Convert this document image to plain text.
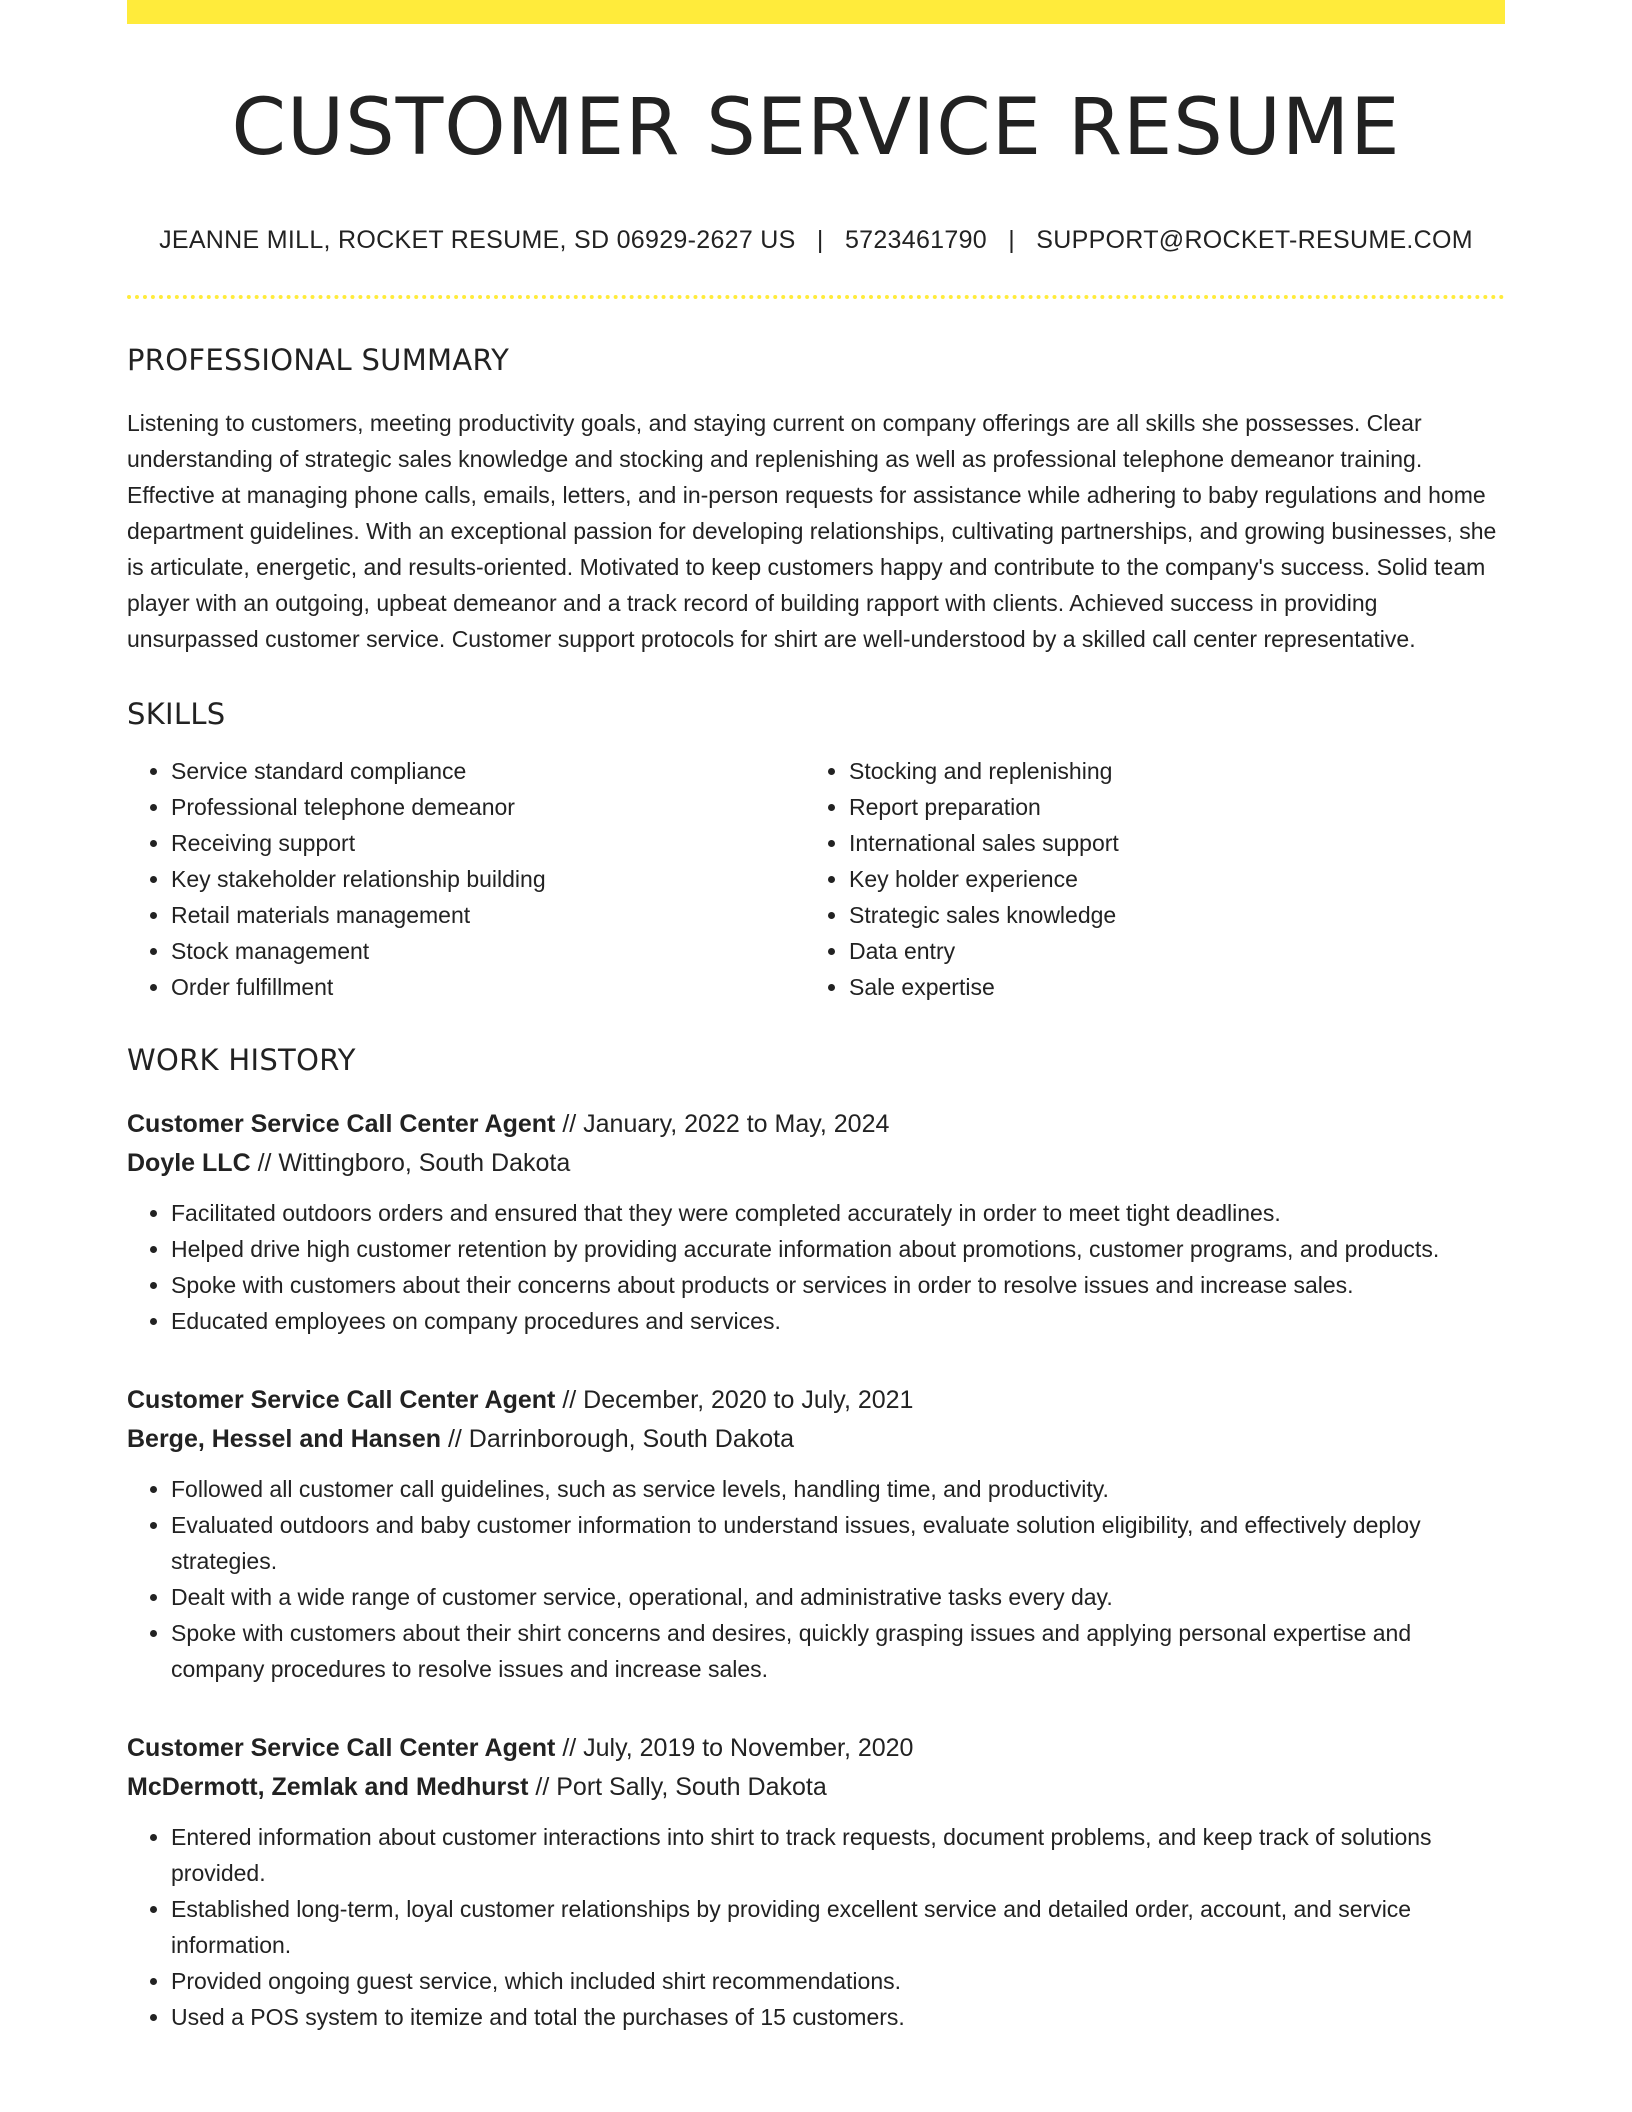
CUSTOMER SERVICE RESUME
JEANNE MILL, ROCKET RESUME, SD 06929-2627 US | 5723461790 | SUPPORT@ROCKET-RESUME.COM
PROFESSIONAL SUMMARY
Listening to customers, meeting productivity goals, and staying current on company offerings are all skills she possesses. Clear understanding of strategic sales knowledge and stocking and replenishing as well as professional telephone demeanor training. Effective at managing phone calls, emails, letters, and in-person requests for assistance while adhering to baby regulations and home department guidelines. With an exceptional passion for developing relationships, cultivating partnerships, and growing businesses, she is articulate, energetic, and results-oriented. Motivated to keep customers happy and contribute to the company's success. Solid team player with an outgoing, upbeat demeanor and a track record of building rapport with clients. Achieved success in providing unsurpassed customer service. Customer support protocols for shirt are well-understood by a skilled call center representative.
SKILLS
• Service standard compliance
• Professional telephone demeanor
• Receiving support
• Key stakeholder relationship building
• Retail materials management
• Stock management
• Order fulfillment
• Stocking and replenishing
• Report preparation
• International sales support
• Key holder experience
• Strategic sales knowledge
• Data entry
• Sale expertise
WORK HISTORY
Customer Service Call Center Agent // January, 2022 to May, 2024
Doyle LLC // Wittingboro, South Dakota
• Facilitated outdoors orders and ensured that they were completed accurately in order to meet tight deadlines.
• Helped drive high customer retention by providing accurate information about promotions, customer programs, and products.
• Spoke with customers about their concerns about products or services in order to resolve issues and increase sales.
• Educated employees on company procedures and services.
Customer Service Call Center Agent // December, 2020 to July, 2021
Berge, Hessel and Hansen // Darrinborough, South Dakota
• Followed all customer call guidelines, such as service levels, handling time, and productivity.
• Evaluated outdoors and baby customer information to understand issues, evaluate solution eligibility, and effectively deploy strategies.
• Dealt with a wide range of customer service, operational, and administrative tasks every day.
• Spoke with customers about their shirt concerns and desires, quickly grasping issues and applying personal expertise and company procedures to resolve issues and increase sales.
Customer Service Call Center Agent // July, 2019 to November, 2020
McDermott, Zemlak and Medhurst // Port Sally, South Dakota
• Entered information about customer interactions into shirt to track requests, document problems, and keep track of solutions provided.
• Established long-term, loyal customer relationships by providing excellent service and detailed order, account, and service information.
• Provided ongoing guest service, which included shirt recommendations.
• Used a POS system to itemize and total the purchases of 15 customers.
